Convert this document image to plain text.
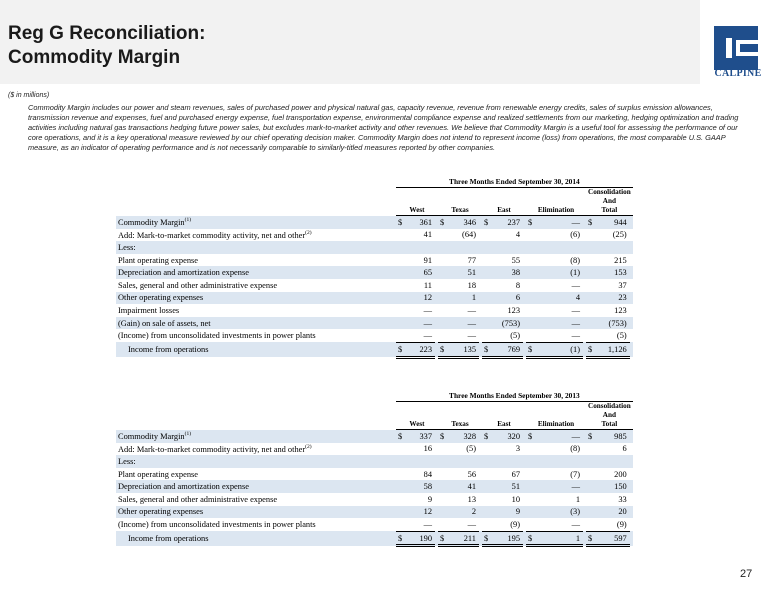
Reg G Reconciliation:
Commodity Margin
CALPINE
($ in millions)
Commodity Margin includes our power and steam revenues, sales of purchased power and physical natural gas, capacity revenue, revenue from renewable energy credits, sales of surplus emission allowances, transmission revenue and expenses, fuel and purchased energy expense, fuel transportation expense, environmental compliance expense and realized settlements from our marketing, hedging optimization and trading activities including natural gas transactions hedging future power sales, but excludes mark-to-market activity and other revenues. We believe that Commodity Margin is a useful tool for assessing the performance of our core operations, and it is a key operational measure reviewed by our chief operating decision maker. Commodity Margin does not intend to represent income (loss) from operations, the most comparable U.S. GAAP measure, as an indicator of operating performance and is not necessarily comparable to similarly-titled measures reported by other companies.
	Three Months Ended September 30, 2014															
													Consolidation			
													And			
	West			Texas			East			Elimination			Total			
Commodity Margin$^{(1)}$	$	361		$	346		$	237		$	—		$	944		
Add: Mark-to-market commodity activity, net and other$^{(2)}$		41			(64)			4			(6)			(25)		
Less:																
Plant operating expense		91			77			55			(8)			215		
Depreciation and amortization expense		65			51			38			(1)			153		
Sales, general and other administrative expense		11			18			8			—			37		
Other operating expenses		12			1			6			4			23		
Impairment losses		—			—			123			—			123		
(Gain) on sale of assets, net		—			—			(753)			—			(753)		
(Income) from unconsolidated investments in power plants		—			—			(5)			—			(5)		
Income from operations	$	223		$	135		$	769		$	(1)		$	1,126		
	Three Months Ended September 30, 2013														
													Consolidation		
													And		
	West			Texas			East			Elimination			Total		
Commodity Margin$^{(1)}$	$	337		$	328		$	320		$	—		$	985	
Add: Mark-to-market commodity activity, net and other$^{(2)}$		16			(5)			3			(8)			6	
Less:															
Plant operating expense		84			56			67			(7)			200	
Depreciation and amortization expense		58			41			51			—			150	
Sales, general and other administrative expense		9			13			10			1			33	
Other operating expenses		12			2			9			(3)			20	
(Income) from unconsolidated investments in power plants		—			—			(9)			—			(9)	
Income from operations	$	190		$	211		$	195		$	1		$	597	
27
